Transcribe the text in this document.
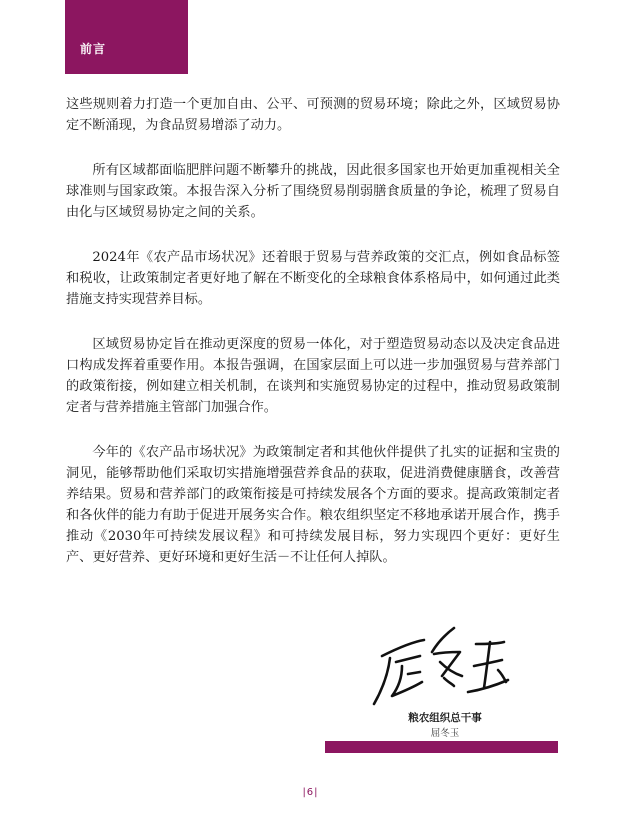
前言

这些规则着力打造一个更加自由、公平、可预测的贸易环境；除此之外，区域贸易协定不断涌现，为食品贸易增添了动力。

所有区域都面临肥胖问题不断攀升的挑战，因此很多国家也开始更加重视相关全球准则与国家政策。本报告深入分析了围绕贸易削弱膳食质量的争论，梳理了贸易自由化与区域贸易协定之间的关系。

2024年《农产品市场状况》还着眼于贸易与营养政策的交汇点，例如食品标签和税收，让政策制定者更好地了解在不断变化的全球粮食体系格局中，如何通过此类措施支持实现营养目标。

区域贸易协定旨在推动更深度的贸易一体化，对于塑造贸易动态以及决定食品进口构成发挥着重要作用。本报告强调，在国家层面上可以进一步加强贸易与营养部门的政策衔接，例如建立相关机制，在谈判和实施贸易协定的过程中，推动贸易政策制定者与营养措施主管部门加强合作。

今年的《农产品市场状况》为政策制定者和其他伙伴提供了扎实的证据和宝贵的洞见，能够帮助他们采取切实措施增强营养食品的获取，促进消费健康膳食，改善营养结果。贸易和营养部门的政策衔接是可持续发展各个方面的要求。提高政策制定者和各伙伴的能力有助于促进开展务实合作。粮农组织坚定不移地承诺开展合作，携手推动《2030年可持续发展议程》和可持续发展目标，努力实现四个更好：更好生产、更好营养、更好环境和更好生活－不让任何人掉队。

粮农组织总干事
屈冬玉
|6|
